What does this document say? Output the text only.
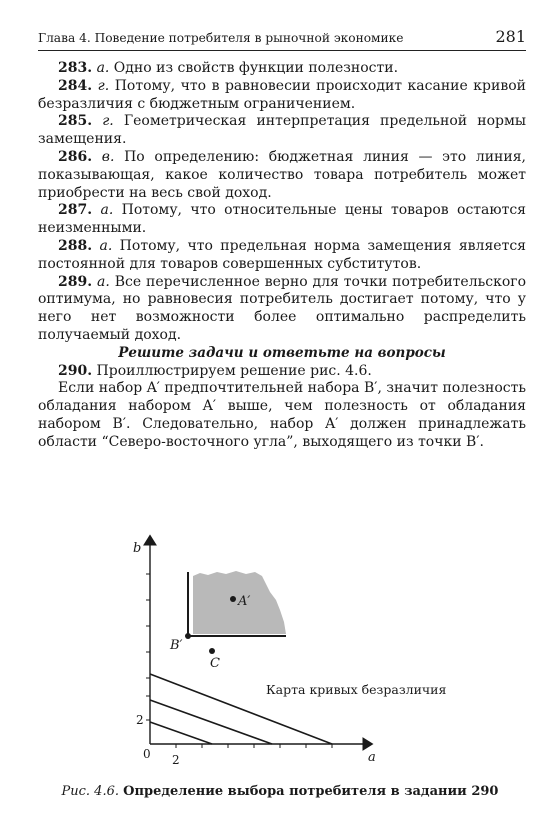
Глава 4. Поведение потребителя в рыночной экономике	281

283. а. Одно из свойств функции полезности.

284. г. Потому, что в равновесии происходит касание кривой безразличия с бюджетным ограничением.

285. г. Геометрическая интерпретация предельной нормы замещения.

286. в. По определению: бюджетная линия — это линия, показывающая, какое количество товара потребитель может приобрести на весь свой доход.

287. а. Потому, что относительные цены товаров остаются неизменными.

288. а. Потому, что предельная норма замещения является постоянной для товаров совершенных субститутов.

289. а. Все перечисленное верно для точки потребительского оптимума, но равновесия потребитель достигает потому, что у него нет возможности более оптимально распределить получаемый доход.

Решите задачи и ответьте на вопросы

290. Проиллюстрируем решение рис. 4.6.

Если набор A′ предпочтительней набора B′, значит полезность обладания набором A′ выше, чем полезность от обладания набором B′. Следовательно, набор A′ должен принадлежать области “Северо-восточного угла”, выходящего из точки B′.

A′
B′
C
b
a
0 2
2
Карта кривых безразличия
Рис. 4.6. Определение выбора потребителя в задании 290
